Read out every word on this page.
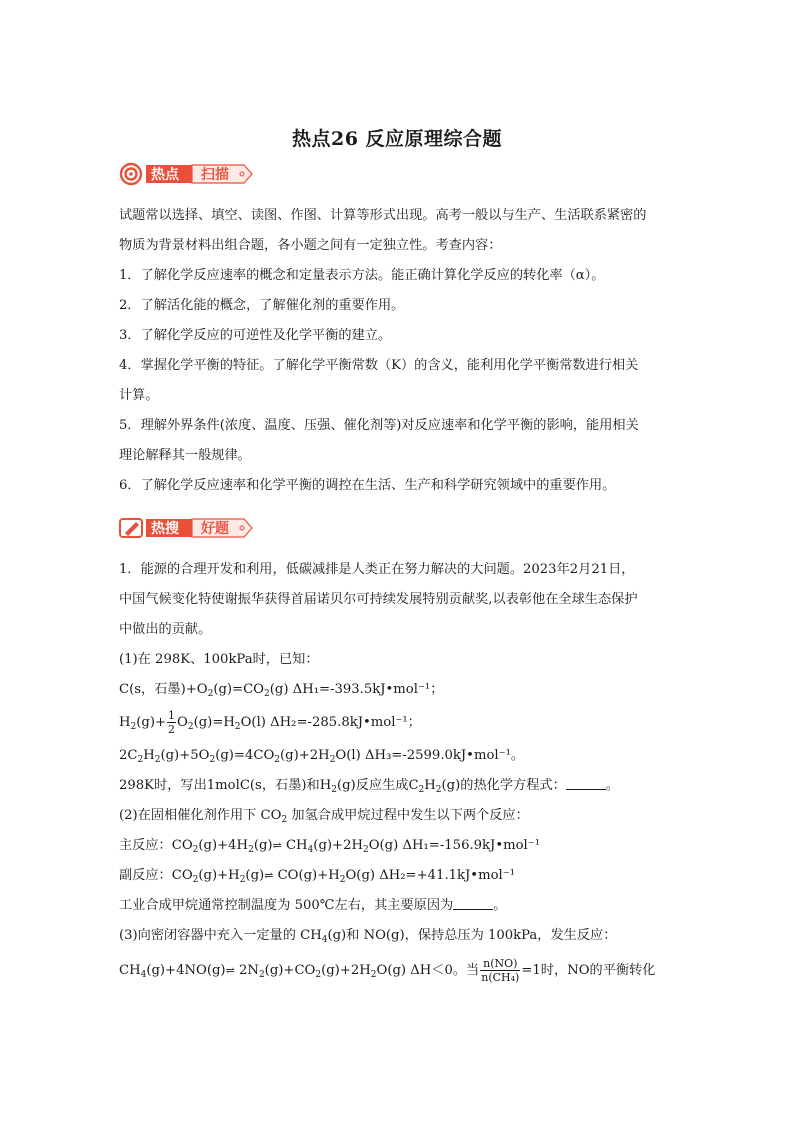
热点26 反应原理综合题
热点 扫描
试题常以选择、填空、读图、作图、计算等形式出现。高考一般以与生产、生活联系紧密的
物质为背景材料出组合题，各小题之间有一定独立性。考查内容：
1．了解化学反应速率的概念和定量表示方法。能正确计算化学反应的转化率（α）。
2．了解活化能的概念，了解催化剂的重要作用。
3．了解化学反应的可逆性及化学平衡的建立。
4．掌握化学平衡的特征。了解化学平衡常数（K）的含义，能利用化学平衡常数进行相关
计算。
5．理解外界条件(浓度、温度、压强、催化剂等)对反应速率和化学平衡的影响，能用相关
理论解释其一般规律。
6．了解化学反应速率和化学平衡的调控在生活、生产和科学研究领域中的重要作用。
热搜 好题
1．能源的合理开发和利用，低碳减排是人类正在努力解决的大问题。2023年2月21日，
中国气候变化特使谢振华获得首届诺贝尔可持续发展特别贡献奖,以表彰他在全球生态保护
中做出的贡献。
(1)在 298K、100kPa时，已知：
C(s，石墨)$+O_2(g)=CO_2(g)$ ΔH₁=-393.5kJ•mol⁻¹；
$H_2(g)+ \frac{1}{2} O_2(g)=H_2O(l)$ ΔH₂=-285.8kJ•mol⁻¹；
$2C_2H_2(g)+5O_2(g)=4CO_2(g)+2H_2O(l)$ ΔH₃=-2599.0kJ•mol⁻¹。
298K时，写出1molC(s，石墨)和$H_2(g)$反应生成$C_2H_2(g)$的热化学方程式：	。
(2)在固相催化剂作用下 $CO_2$ 加氢合成甲烷过程中发生以下两个反应：
主反应：$CO_2(g)+4H_2(g)\rightleftharpoons$ $CH_4(g)+2H_2O(g)$ ΔH₁=-156.9kJ•mol⁻¹
副反应：$CO_2(g)+H_2(g)\rightleftharpoons$ $CO(g)+H_2O(g)$ ΔH₂=+41.1kJ•mol⁻¹
工业合成甲烷通常控制温度为 500℃左右，其主要原因为	。
(3)向密闭容器中充入一定量的 $CH_4(g)$和 NO(g)，保持总压为 100kPa，发生反应：
$CH_4(g)+4NO(g)\rightleftharpoons$ $2N_2(g)+CO_2(g)+2H_2O(g)$ ΔH＜0。当 $\frac{n(NO)}{\text{n(CH₄)}} =1$时，NO的平衡转化
